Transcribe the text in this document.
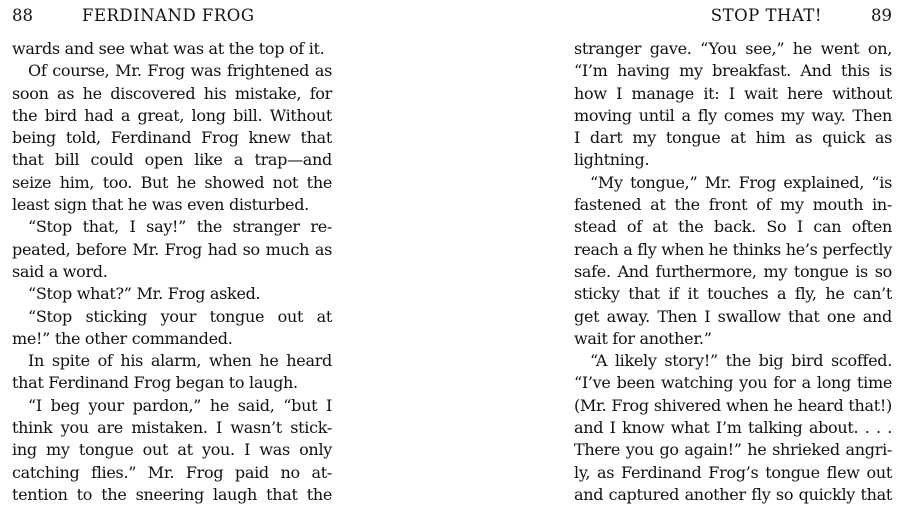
88	FERDINAND FROG
wards and see what was at the top of it.
Of course, Mr. Frog was frightened as
soon as he discovered his mistake, for
the bird had a great, long bill. Without
being told, Ferdinand Frog knew that
that bill could open like a trap—and
seize him, too. But he showed not the
least sign that he was even disturbed.
“Stop that, I say!” the stranger re-
peated, before Mr. Frog had so much as
said a word.
“Stop what?” Mr. Frog asked.
“Stop sticking your tongue out at
me!” the other commanded.
In spite of his alarm, when he heard
that Ferdinand Frog began to laugh.
“I beg your pardon,” he said, “but I
think you are mistaken. I wasn’t stick-
ing my tongue out at you. I was only
catching flies.” Mr. Frog paid no at-
tention to the sneering laugh that the
STOP THAT!	89
stranger gave. “You see,” he went on,
“I’m having my breakfast. And this is
how I manage it: I wait here without
moving until a fly comes my way. Then
I dart my tongue at him as quick as
lightning.
“My tongue,” Mr. Frog explained, “is
fastened at the front of my mouth in-
stead of at the back. So I can often
reach a fly when he thinks he’s perfectly
safe. And furthermore, my tongue is so
sticky that if it touches a fly, he can’t
get away. Then I swallow that one and
wait for another.”
“A likely story!” the big bird scoffed.
“I’ve been watching you for a long time
(Mr. Frog shivered when he heard that!)
and I know what I’m talking about. . . .
There you go again!” he shrieked angri-
ly, as Ferdinand Frog’s tongue flew out
and captured another fly so quickly that
